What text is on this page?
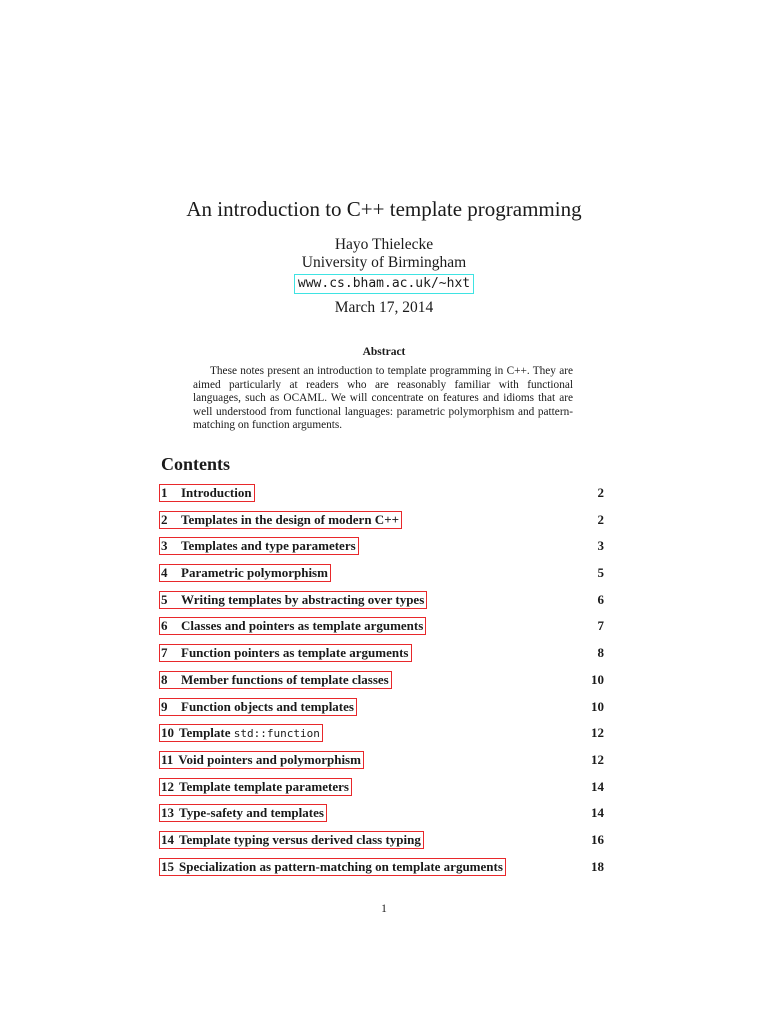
An introduction to C++ template programming
Hayo Thielecke
University of Birmingham
www.cs.bham.ac.uk/~hxt
March 17, 2014
Abstract
These notes present an introduction to template programming in C++. They are aimed particularly at readers who are reasonably familiar with functional languages, such as OCAML. We will concentrate on features and idioms that are well understood from functional languages: parametric polymorphism and pattern-matching on function arguments.
Contents
1 Introduction	2
2 Templates in the design of modern C++	2
3 Templates and type parameters	3
4 Parametric polymorphism	5
5 Writing templates by abstracting over types	6
6 Classes and pointers as template arguments	7
7 Function pointers as template arguments	8
8 Member functions of template classes	10
9 Function objects and templates	10
10 Template std::function	12
11 Void pointers and polymorphism	12
12 Template template parameters	14
13 Type-safety and templates	14
14 Template typing versus derived class typing	16
15 Specialization as pattern-matching on template arguments	18
1
